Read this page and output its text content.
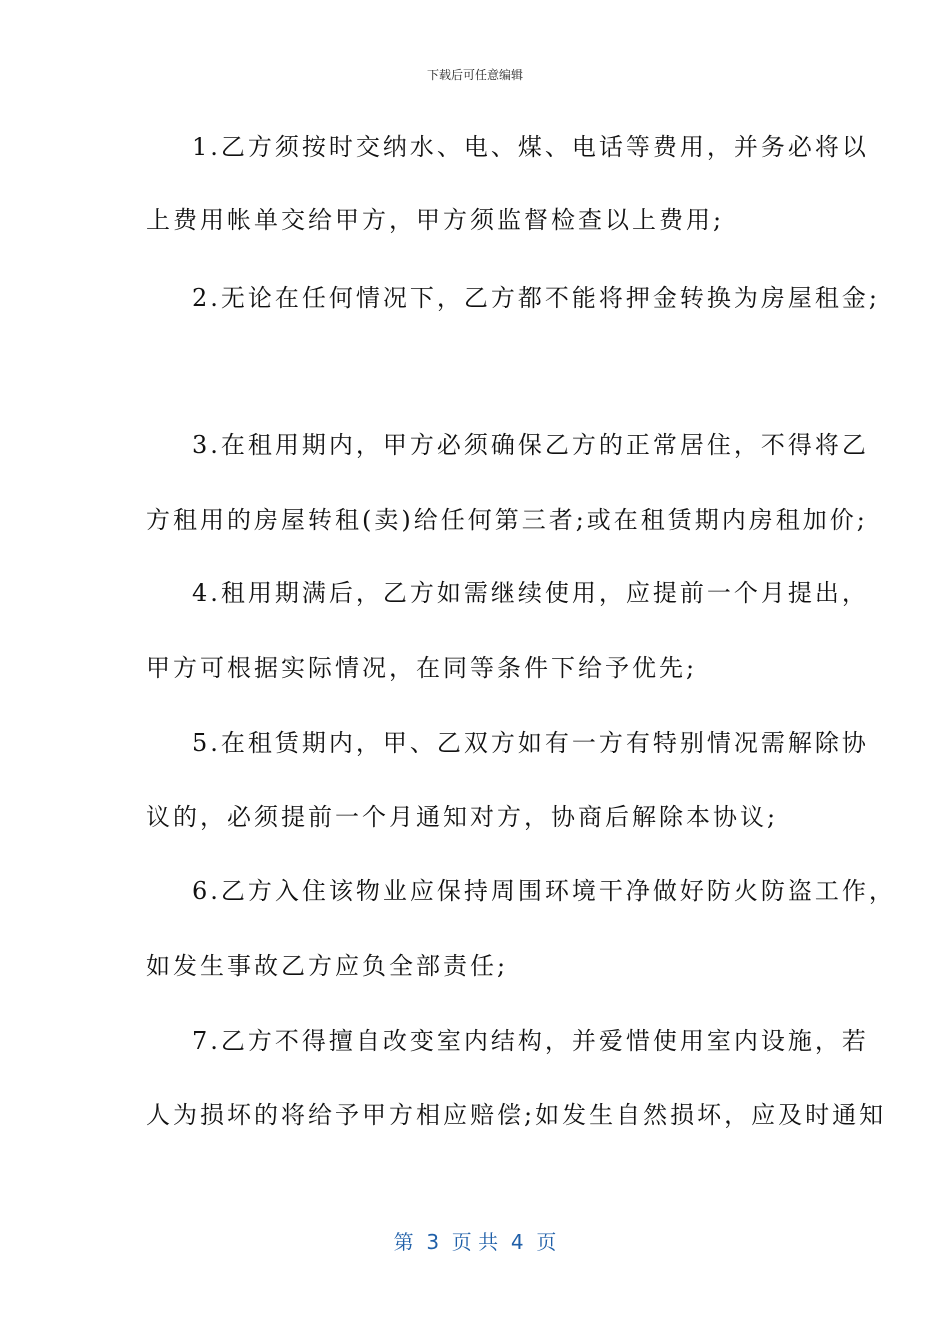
下载后可任意编辑
1.乙方须按时交纳水、电、煤、电话等费用，并务必将以
上费用帐单交给甲方，甲方须监督检查以上费用;
2.无论在任何情况下，乙方都不能将押金转换为房屋租金;
3.在租用期内，甲方必须确保乙方的正常居住，不得将乙
方租用的房屋转租(卖)给任何第三者;或在租赁期内房租加价;
4.租用期满后，乙方如需继续使用，应提前一个月提出，
甲方可根据实际情况，在同等条件下给予优先;
5.在租赁期内，甲、乙双方如有一方有特别情况需解除协
议的，必须提前一个月通知对方，协商后解除本协议;
6.乙方入住该物业应保持周围环境干净做好防火防盗工作，
如发生事故乙方应负全部责任;
7.乙方不得擅自改变室内结构，并爱惜使用室内设施，若
人为损坏的将给予甲方相应赔偿;如发生自然损坏，应及时通知
第  3  页 共  4  页
